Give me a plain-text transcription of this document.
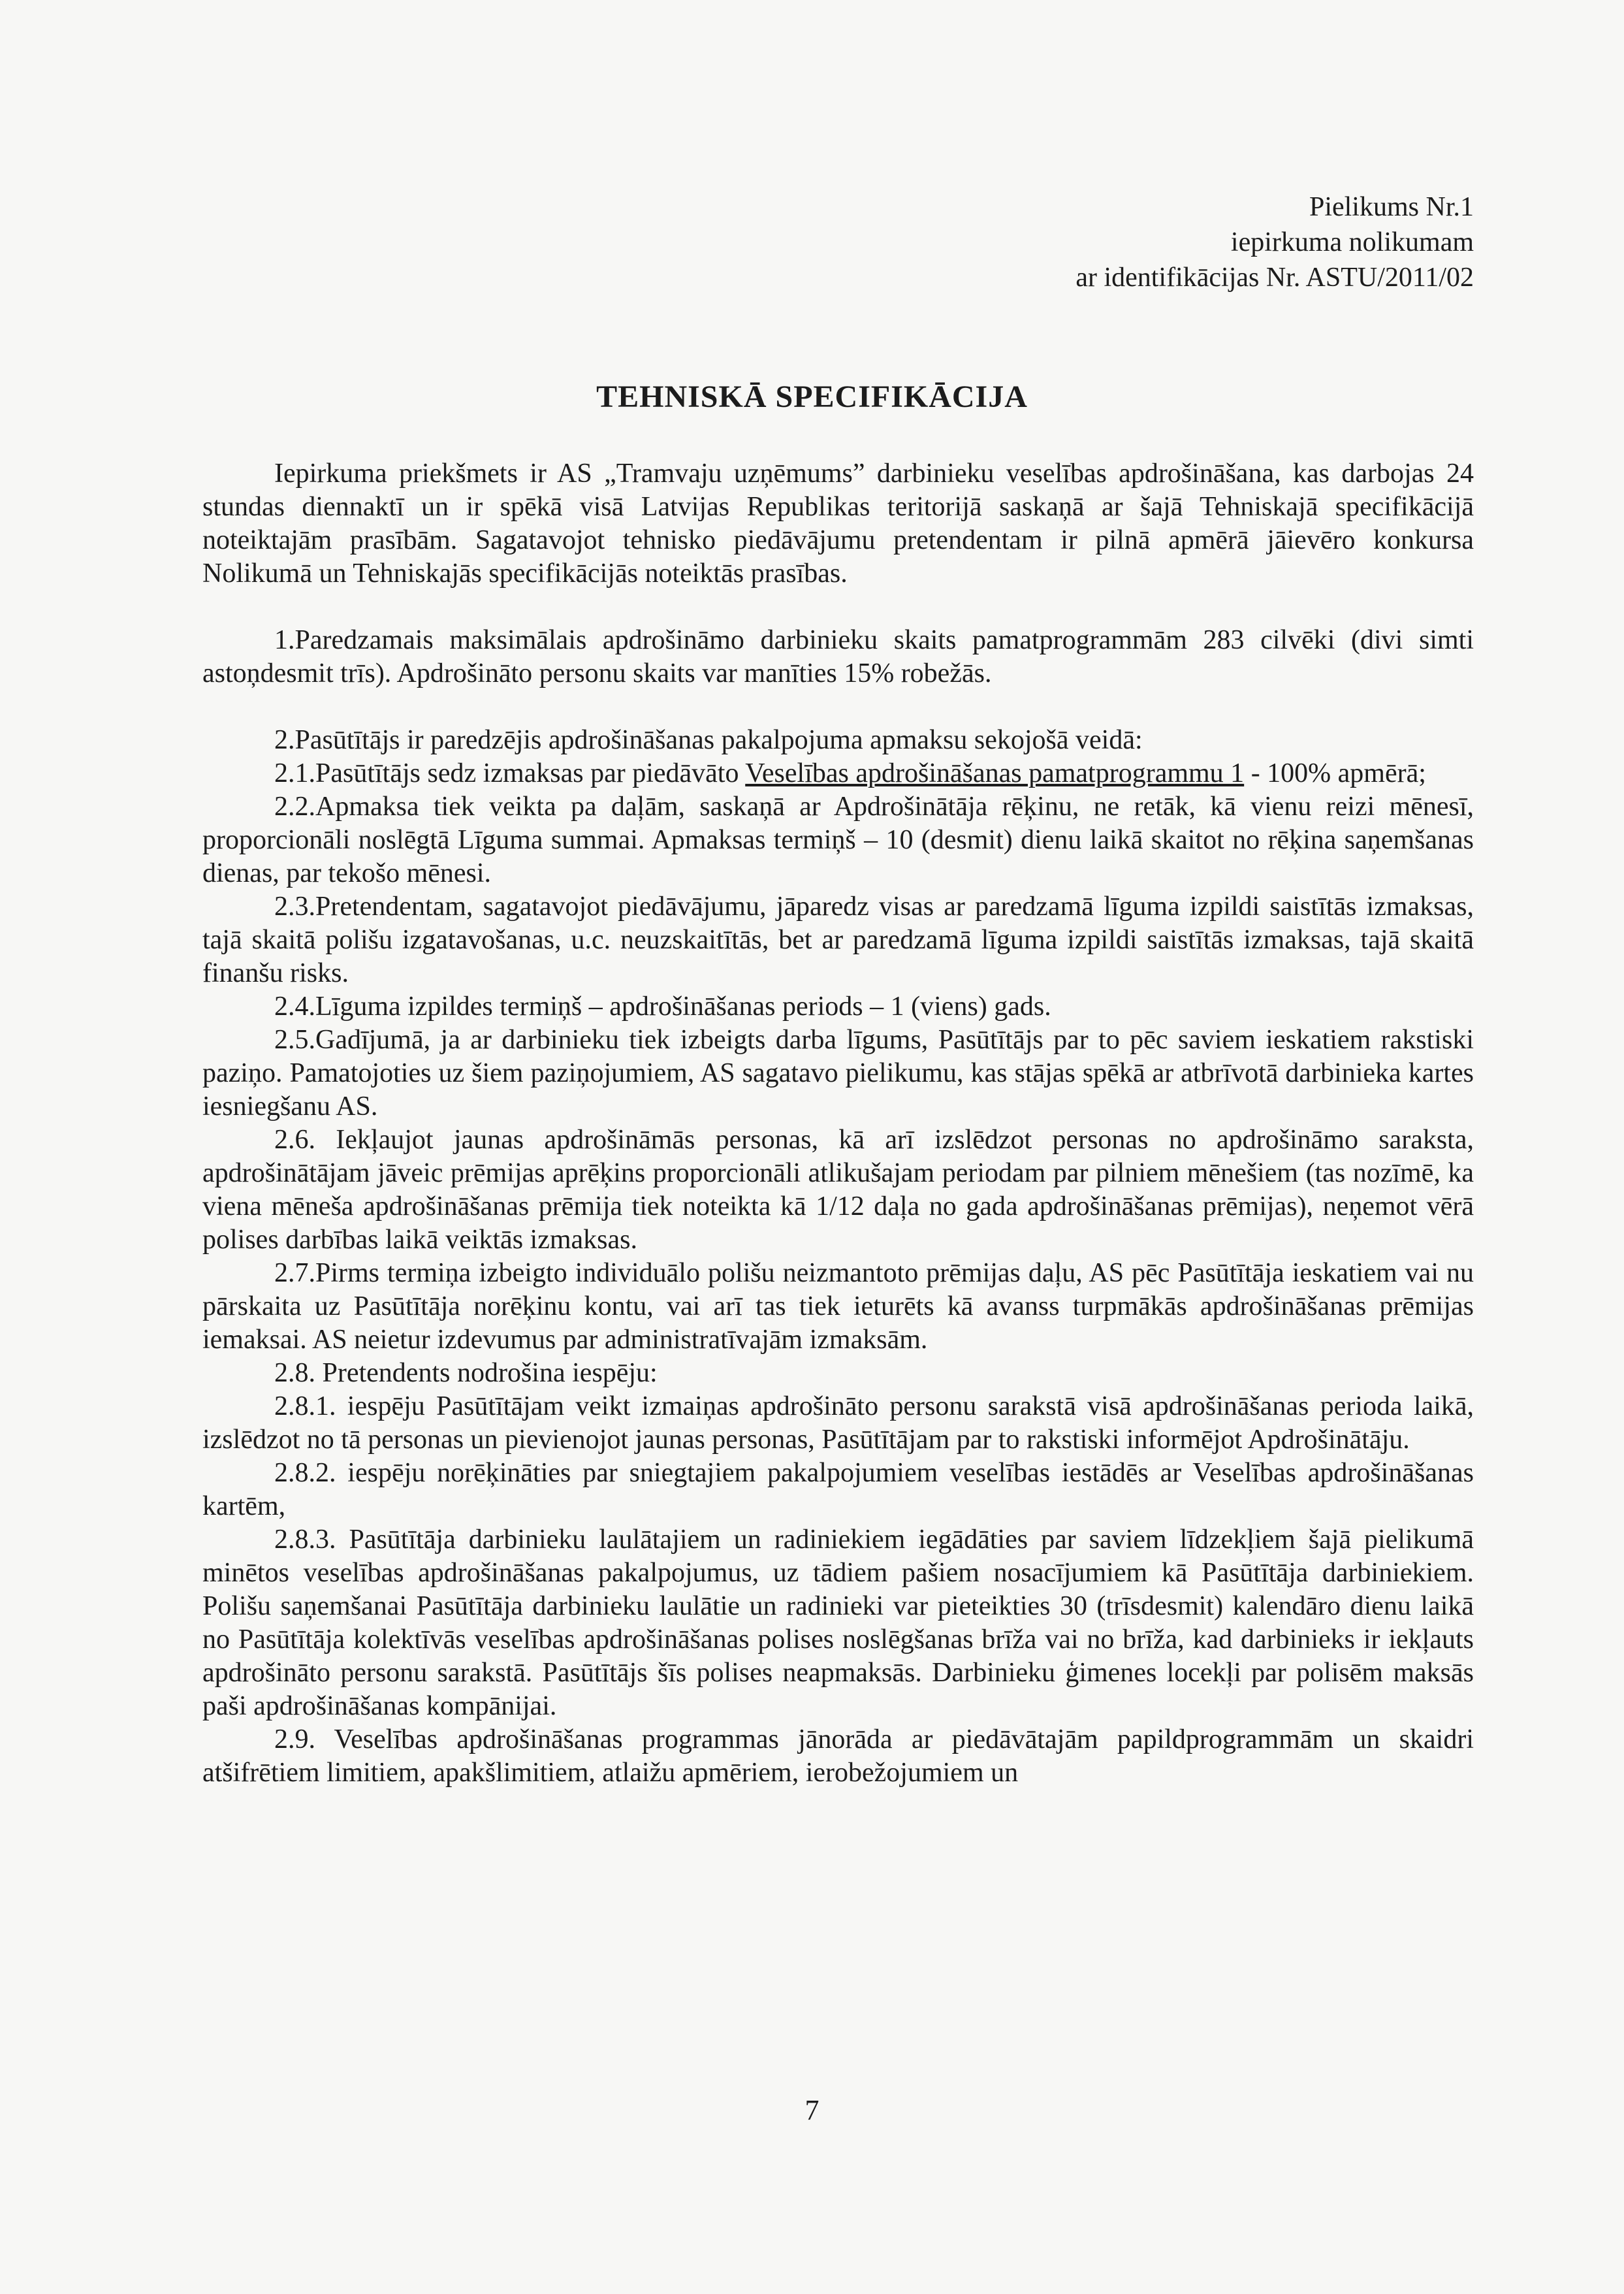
Pielikums Nr.1
iepirkuma nolikumam
ar identifikācijas Nr. ASTU/2011/02
TEHNISKĀ SPECIFIKĀCIJA

Iepirkuma priekšmets ir AS „Tramvaju uzņēmums” darbinieku veselības apdrošināšana, kas darbojas 24 stundas diennaktī un ir spēkā visā Latvijas Republikas teritorijā saskaņā ar šajā Tehniskajā specifikācijā noteiktajām prasībām. Sagatavojot tehnisko piedāvājumu pretendentam ir pilnā apmērā jāievēro konkursa Nolikumā un Tehniskajās specifikācijās noteiktās prasības.

1.Paredzamais maksimālais apdrošināmo darbinieku skaits pamatprogrammām 283 cilvēki (divi simti astoņdesmit trīs). Apdrošināto personu skaits var manīties 15% robežās.

2.Pasūtītājs ir paredzējis apdrošināšanas pakalpojuma apmaksu sekojošā veidā:

2.1.Pasūtītājs sedz izmaksas par piedāvāto Veselības apdrošināšanas pamatprogrammu 1 - 100% apmērā;

2.2.Apmaksa tiek veikta pa daļām, saskaņā ar Apdrošinātāja rēķinu, ne retāk, kā vienu reizi mēnesī, proporcionāli noslēgtā Līguma summai. Apmaksas termiņš – 10 (desmit) dienu laikā skaitot no rēķina saņemšanas dienas, par tekošo mēnesi.

2.3.Pretendentam, sagatavojot piedāvājumu, jāparedz visas ar paredzamā līguma izpildi saistītās izmaksas, tajā skaitā polišu izgatavošanas, u.c. neuzskaitītās, bet ar paredzamā līguma izpildi saistītās izmaksas, tajā skaitā finanšu risks.

2.4.Līguma izpildes termiņš – apdrošināšanas periods – 1 (viens) gads.

2.5.Gadījumā, ja ar darbinieku tiek izbeigts darba līgums, Pasūtītājs par to pēc saviem ieskatiem rakstiski paziņo. Pamatojoties uz šiem paziņojumiem, AS sagatavo pielikumu, kas stājas spēkā ar atbrīvotā darbinieka kartes iesniegšanu AS.

2.6. Iekļaujot jaunas apdrošināmās personas, kā arī izslēdzot personas no apdrošināmo saraksta, apdrošinātājam jāveic prēmijas aprēķins proporcionāli atlikušajam periodam par pilniem mēnešiem (tas nozīmē, ka viena mēneša apdrošināšanas prēmija tiek noteikta kā 1/12 daļa no gada apdrošināšanas prēmijas), neņemot vērā polises darbības laikā veiktās izmaksas.

2.7.Pirms termiņa izbeigto individuālo polišu neizmantoto prēmijas daļu, AS pēc Pasūtītāja ieskatiem vai nu pārskaita uz Pasūtītāja norēķinu kontu, vai arī tas tiek ieturēts kā avanss turpmākās apdrošināšanas prēmijas iemaksai. AS neietur izdevumus par administratīvajām izmaksām.

2.8. Pretendents nodrošina iespēju:

2.8.1. iespēju Pasūtītājam veikt izmaiņas apdrošināto personu sarakstā visā apdrošināšanas perioda laikā, izslēdzot no tā personas un pievienojot jaunas personas, Pasūtītājam par to rakstiski informējot Apdrošinātāju.

2.8.2. iespēju norēķināties par sniegtajiem pakalpojumiem veselības iestādēs ar Veselības apdrošināšanas kartēm,

2.8.3. Pasūtītāja darbinieku laulātajiem un radiniekiem iegādāties par saviem līdzekļiem šajā pielikumā minētos veselības apdrošināšanas pakalpojumus, uz tādiem pašiem nosacījumiem kā Pasūtītāja darbiniekiem. Polišu saņemšanai Pasūtītāja darbinieku laulātie un radinieki var pieteikties 30 (trīsdesmit) kalendāro dienu laikā no Pasūtītāja kolektīvās veselības apdrošināšanas polises noslēgšanas brīža vai no brīža, kad darbinieks ir iekļauts apdrošināto personu sarakstā. Pasūtītājs šīs polises neapmaksās. Darbinieku ģimenes locekļi par polisēm maksās paši apdrošināšanas kompānijai.

2.9. Veselības apdrošināšanas programmas jānorāda ar piedāvātajām papildprogrammām un skaidri atšifrētiem limitiem, apakšlimitiem, atlaižu apmēriem, ierobežojumiem un

7
